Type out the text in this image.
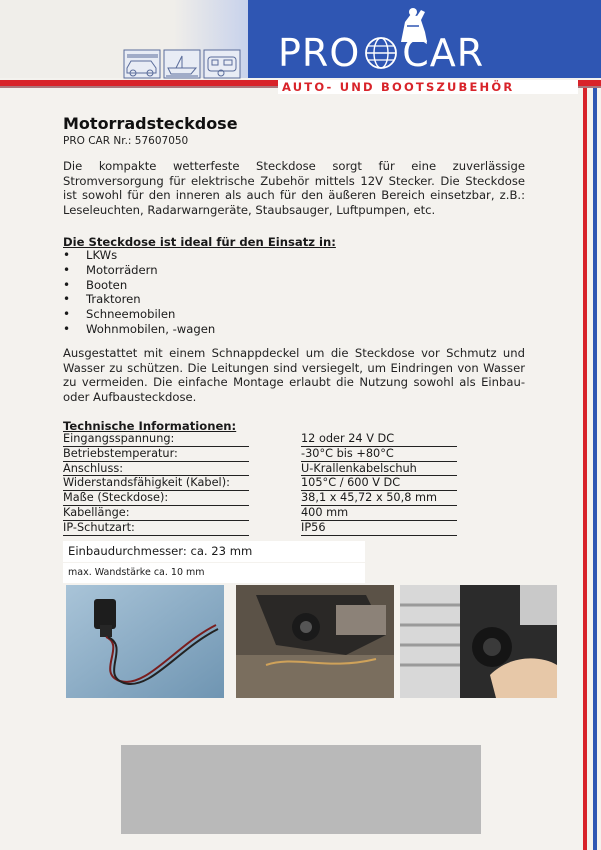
PRO CAR
AUTO- UND BOOTSZUBEHÖR
Motorradsteckdose
PRO CAR Nr.: 57607050

Die kompakte wetterfeste Steckdose sorgt für eine zuverlässige Stromversorgung für elektrische Zubehör mittels 12V Stecker. Die Steckdose ist sowohl für den inneren als auch für den äußeren Bereich einsetzbar, z.B.: Leseleuchten, Radarwarngeräte, Staubsauger, Luftpumpen, etc.

Die Steckdose ist ideal für den Einsatz in:
• LKWs
• Motorrädern
• Booten
• Traktoren
• Schneemobilen
• Wohnmobilen, -wagen

Ausgestattet mit einem Schnappdeckel um die Steckdose vor Schmutz und Wasser zu schützen. Die Leitungen sind versiegelt, um Eindringen von Wasser zu vermeiden. Die einfache Montage erlaubt die Nutzung sowohl als Einbau- oder Aufbausteckdose.

Technische Informationen:
Eingangsspannung:	12 oder 24 V DC
Betriebstemperatur:	-30°C bis +80°C
Anschluss:	U-Krallenkabelschuh
Widerstandsfähigkeit (Kabel):	105°C / 600 V DC
Maße (Steckdose):	38,1 x 45,72 x 50,8 mm
Kabellänge:	400 mm
IP-Schutzart:	IP56
Einbaudurchmesser: ca. 23 mm
max. Wandstärke ca. 10 mm
